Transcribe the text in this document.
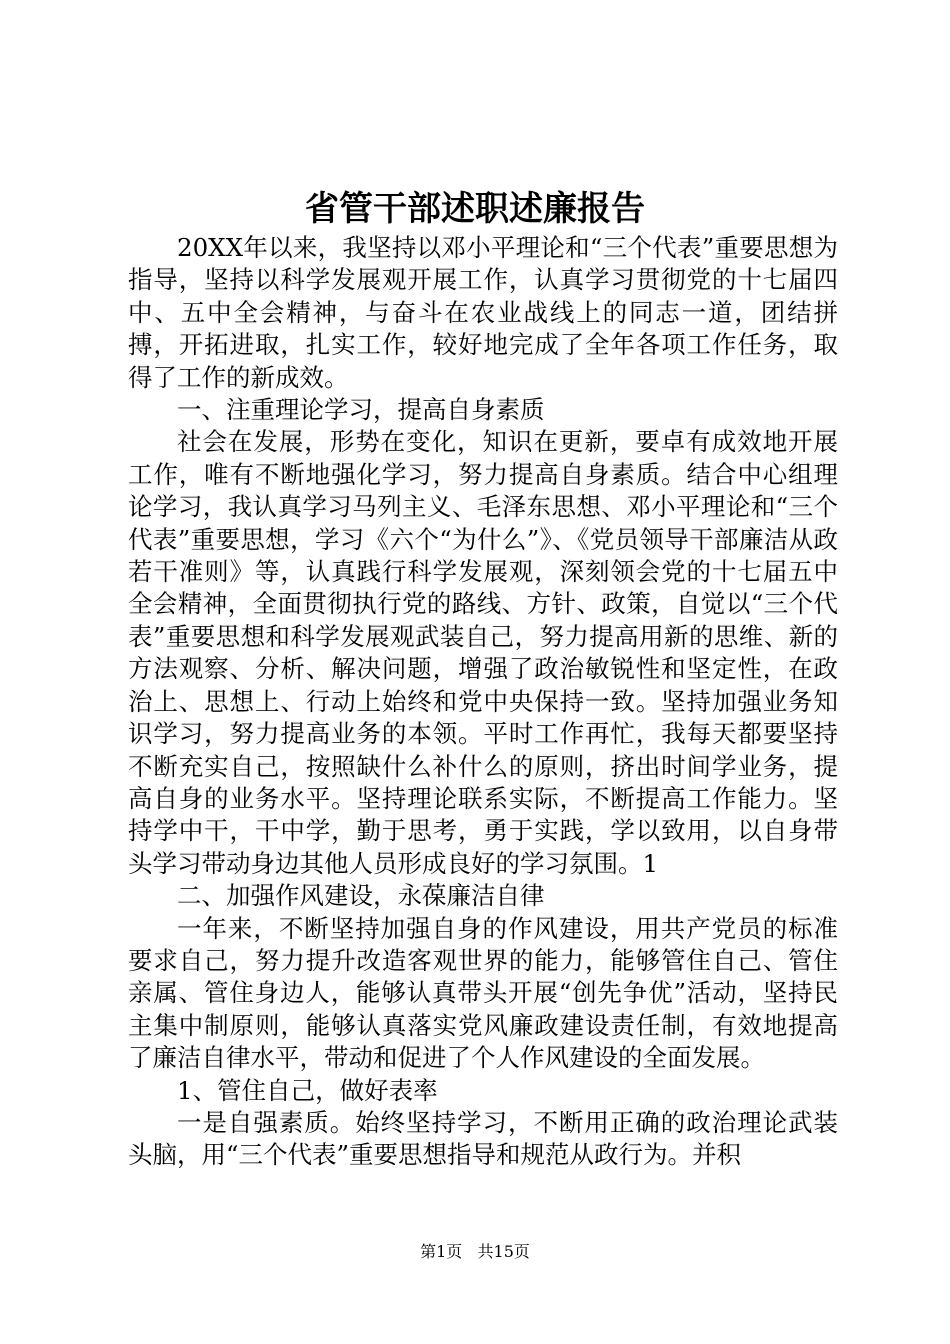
省管干部述职述廉报告

20XX年以来，我坚持以邓小平理论和“三个代表”重要思想为指导，坚持以科学发展观开展工作，认真学习贯彻党的十七届四中、五中全会精神，与奋斗在农业战线上的同志一道，团结拼搏，开拓进取，扎实工作，较好地完成了全年各项工作任务，取得了工作的新成效。

一、注重理论学习，提高自身素质

社会在发展，形势在变化，知识在更新，要卓有成效地开展工作，唯有不断地强化学习，努力提高自身素质。结合中心组理论学习，我认真学习马列主义、毛泽东思想、邓小平理论和“三个代表”重要思想，学习《六个“为什么”》、《党员领导干部廉洁从政若干准则》等，认真践行科学发展观，深刻领会党的十七届五中全会精神，全面贯彻执行党的路线、方针、政策，自觉以“三个代表”重要思想和科学发展观武装自己，努力提高用新的思维、新的方法观察、分析、解决问题，增强了政治敏锐性和坚定性，在政治上、思想上、行动上始终和党中央保持一致。坚持加强业务知识学习，努力提高业务的本领。平时工作再忙，我每天都要坚持不断充实自己，按照缺什么补什么的原则，挤出时间学业务，提高自身的业务水平。坚持理论联系实际，不断提高工作能力。坚持学中干，干中学，勤于思考，勇于实践，学以致用，以自身带头学习带动身边其他人员形成良好的学习氛围。1

二、加强作风建设，永葆廉洁自律

一年来，不断坚持加强自身的作风建设，用共产党员的标准要求自己，努力提升改造客观世界的能力，能够管住自己、管住亲属、管住身边人，能够认真带头开展“创先争优”活动，坚持民主集中制原则，能够认真落实党风廉政建设责任制，有效地提高了廉洁自律水平，带动和促进了个人作风建设的全面发展。

1、管住自己，做好表率

一是自强素质。始终坚持学习，不断用正确的政治理论武装头脑，用“三个代表”重要思想指导和规范从政行为。并积

第1页 共15页
